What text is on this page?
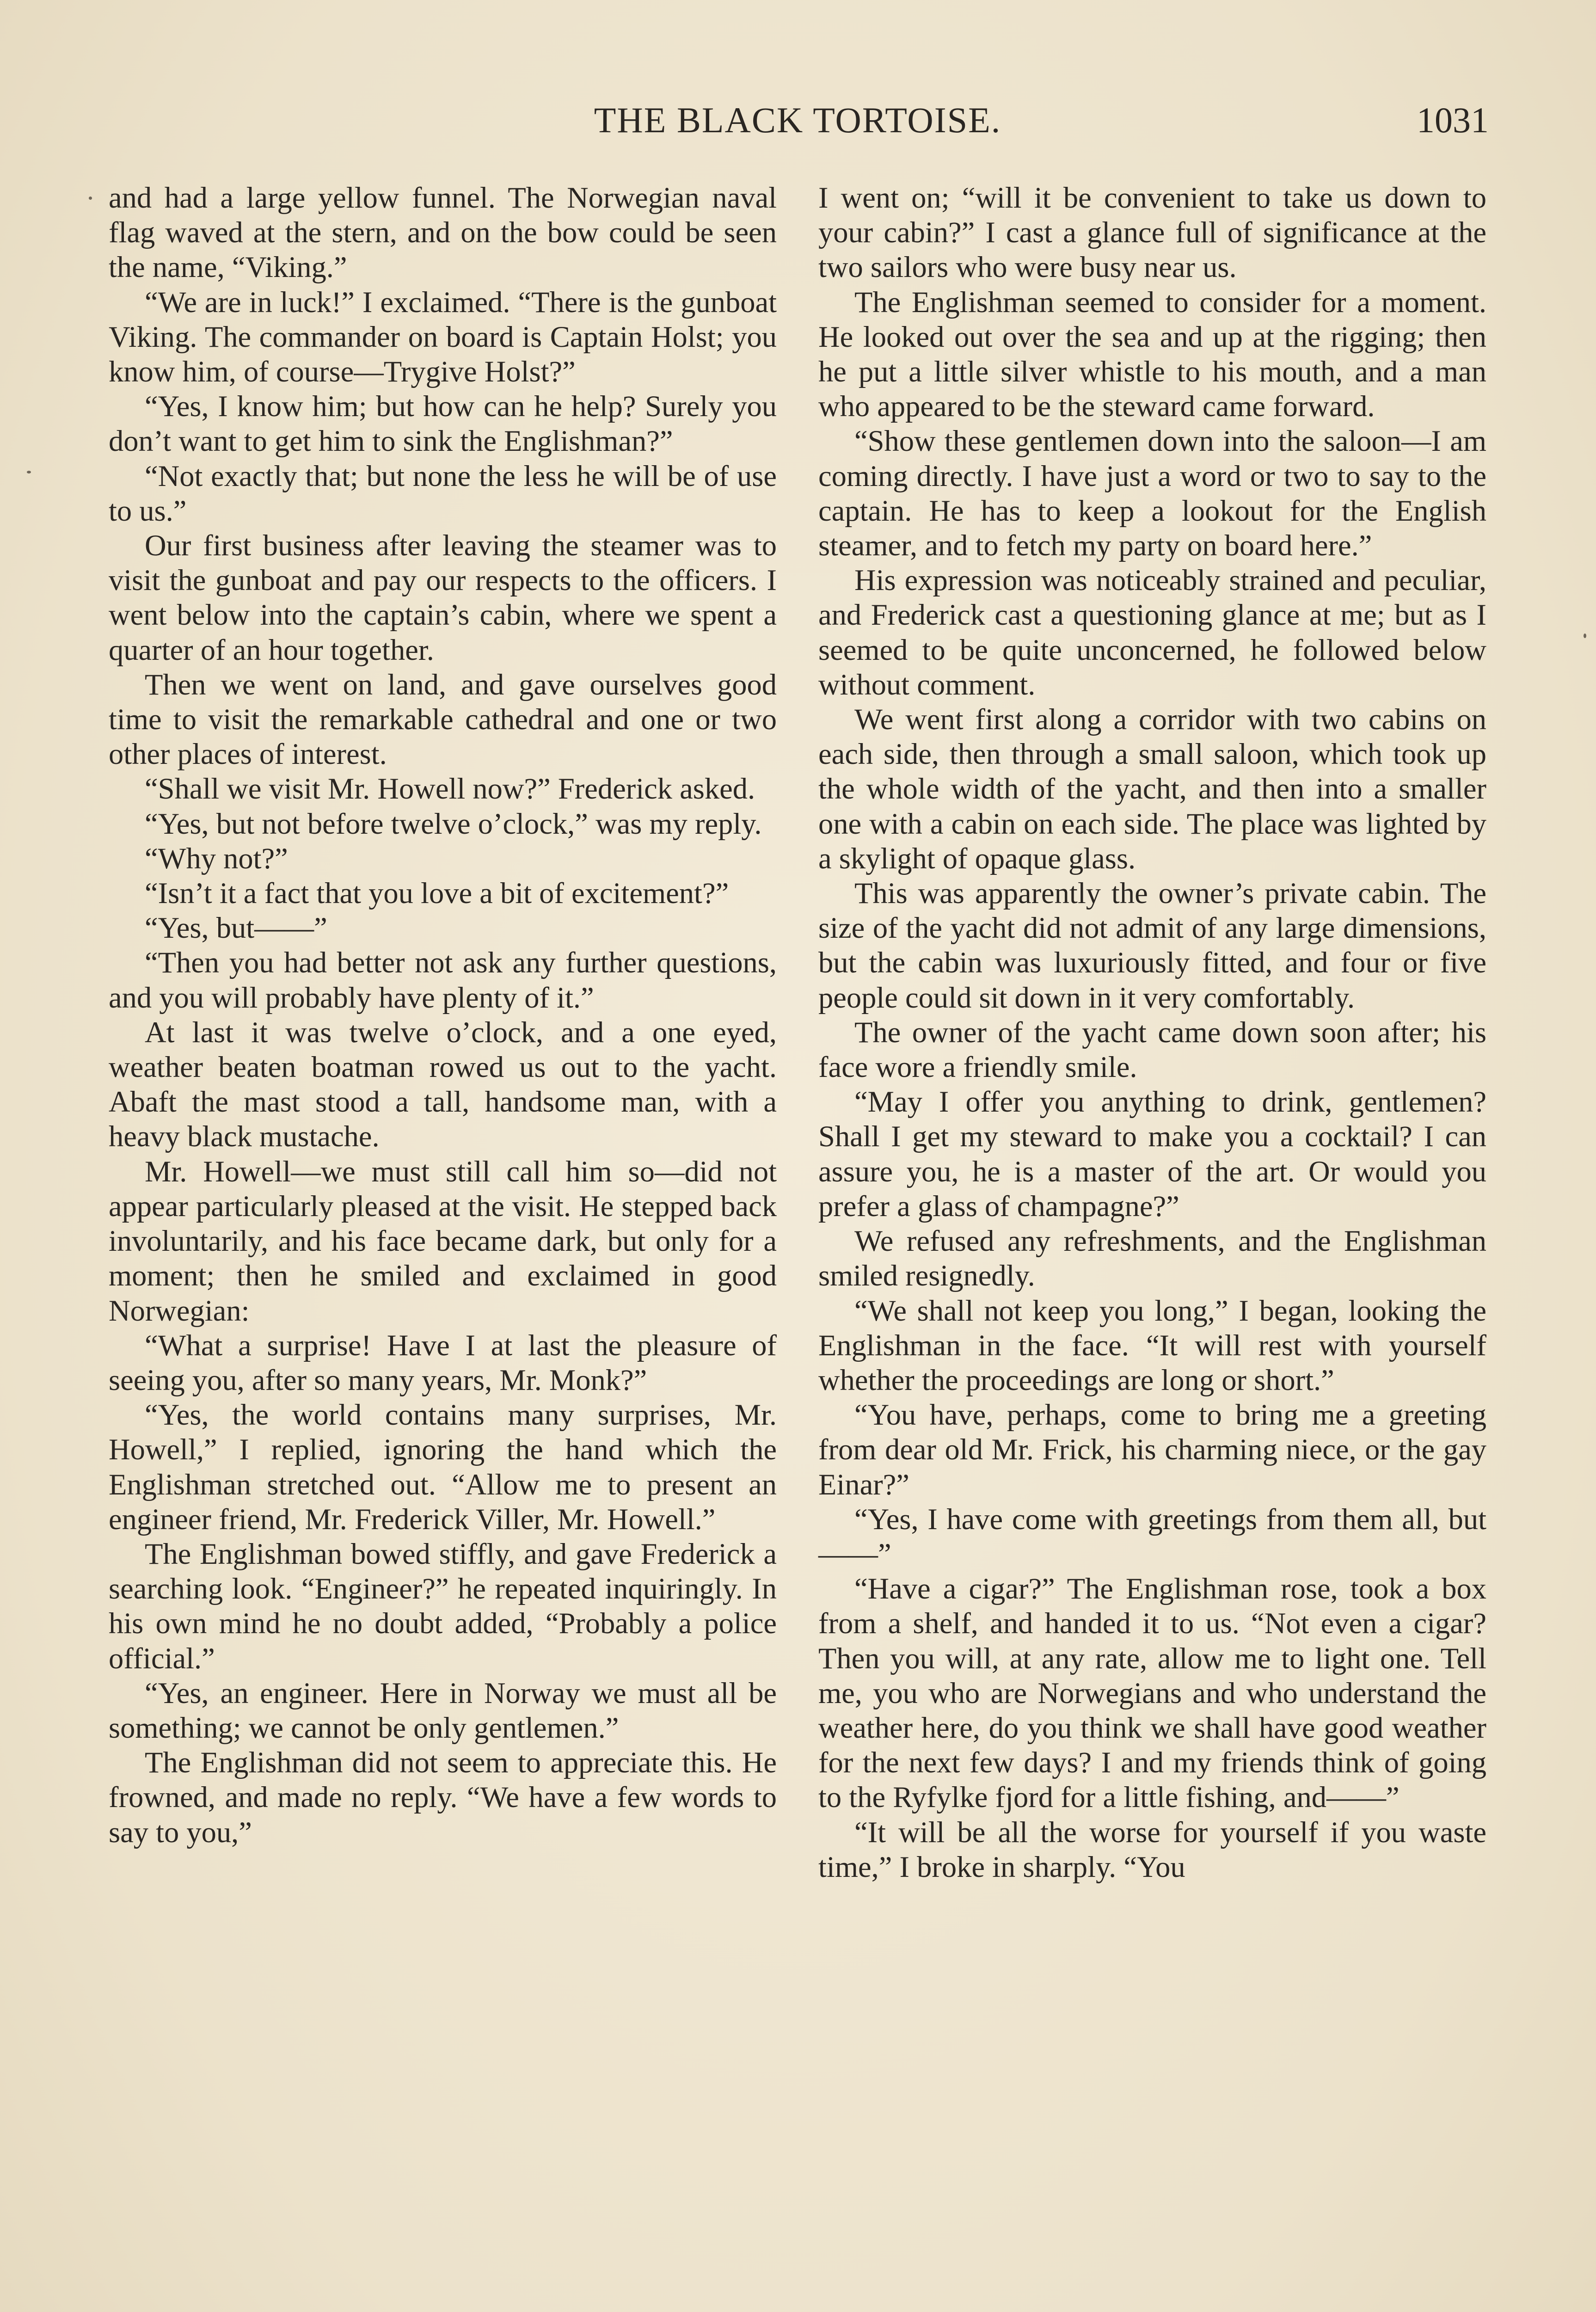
THE BLACK TORTOISE.	1031

and had a large yellow funnel. The Norwegian naval flag waved at the stern, and on the bow could be seen the name, “Viking.”

“We are in luck!” I exclaimed. “There is the gunboat Viking. The commander on board is Captain Holst; you know him, of course—Trygive Holst?”

“Yes, I know him; but how can he help? Surely you don’t want to get him to sink the Englishman?”

“Not exactly that; but none the less he will be of use to us.”

Our first business after leaving the steamer was to visit the gunboat and pay our respects to the officers. I went below into the captain’s cabin, where we spent a quarter of an hour together.

Then we went on land, and gave ourselves good time to visit the remarkable cathedral and one or two other places of interest.

“Shall we visit Mr. Howell now?” Frederick asked.

“Yes, but not before twelve o’clock,” was my reply.

“Why not?”

“Isn’t it a fact that you love a bit of excitement?”

“Yes, but——”

“Then you had better not ask any further questions, and you will probably have plenty of it.”

At last it was twelve o’clock, and a one eyed, weather beaten boatman rowed us out to the yacht. Abaft the mast stood a tall, handsome man, with a heavy black mustache.

Mr. Howell—we must still call him so—did not appear particularly pleased at the visit. He stepped back involuntarily, and his face became dark, but only for a moment; then he smiled and exclaimed in good Norwegian:

“What a surprise! Have I at last the pleasure of seeing you, after so many years, Mr. Monk?”

“Yes, the world contains many surprises, Mr. Howell,” I replied, ignoring the hand which the Englishman stretched out. “Allow me to present an engineer friend, Mr. Frederick Viller, Mr. Howell.”

The Englishman bowed stiffly, and gave Frederick a searching look. “Engineer?” he repeated inquiringly. In his own mind he no doubt added, “Probably a police official.”

“Yes, an engineer. Here in Norway we must all be something; we cannot be only gentlemen.”

The Englishman did not seem to appreciate this. He frowned, and made no reply. “We have a few words to say to you,”

I went on; “will it be convenient to take us down to your cabin?” I cast a glance full of significance at the two sailors who were busy near us.

The Englishman seemed to consider for a moment. He looked out over the sea and up at the rigging; then he put a little silver whistle to his mouth, and a man who appeared to be the steward came forward.

“Show these gentlemen down into the saloon—I am coming directly. I have just a word or two to say to the captain. He has to keep a lookout for the English steamer, and to fetch my party on board here.”

His expression was noticeably strained and peculiar, and Frederick cast a questioning glance at me; but as I seemed to be quite unconcerned, he followed below without comment.

We went first along a corridor with two cabins on each side, then through a small saloon, which took up the whole width of the yacht, and then into a smaller one with a cabin on each side. The place was lighted by a skylight of opaque glass.

This was apparently the owner’s private cabin. The size of the yacht did not admit of any large dimensions, but the cabin was luxuriously fitted, and four or five people could sit down in it very comfortably.

The owner of the yacht came down soon after; his face wore a friendly smile.

“May I offer you anything to drink, gentlemen? Shall I get my steward to make you a cocktail? I can assure you, he is a master of the art. Or would you prefer a glass of champagne?”

We refused any refreshments, and the Englishman smiled resignedly.

“We shall not keep you long,” I began, looking the Englishman in the face. “It will rest with yourself whether the proceedings are long or short.”

“You have, perhaps, come to bring me a greeting from dear old Mr. Frick, his charming niece, or the gay Einar?”

“Yes, I have come with greetings from them all, but——”

“Have a cigar?” The Englishman rose, took a box from a shelf, and handed it to us. “Not even a cigar? Then you will, at any rate, allow me to light one. Tell me, you who are Norwegians and who understand the weather here, do you think we shall have good weather for the next few days? I and my friends think of going to the Ryfylke fjord for a little fishing, and——”

“It will be all the worse for yourself if you waste time,” I broke in sharply. “You
